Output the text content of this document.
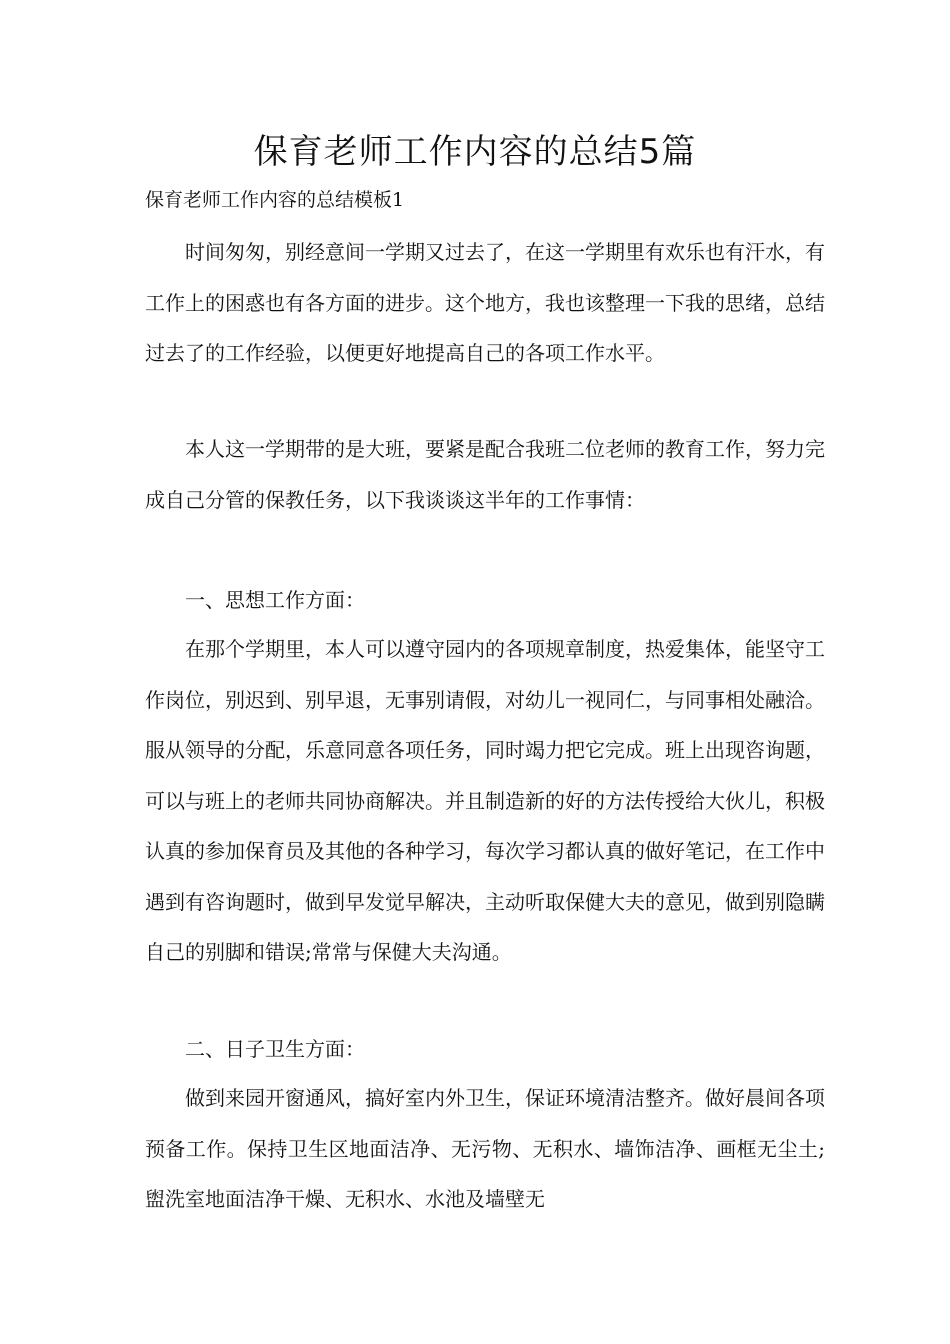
保育老师工作内容的总结5篇

保育老师工作内容的总结模板1

时间匆匆，别经意间一学期又过去了，在这一学期里有欢乐也有汗水，有工作上的困惑也有各方面的进步。这个地方，我也该整理一下我的思绪，总结过去了的工作经验，以便更好地提高自己的各项工作水平。

本人这一学期带的是大班，要紧是配合我班二位老师的教育工作，努力完成自己分管的保教任务，以下我谈谈这半年的工作事情：

一、思想工作方面：

在那个学期里，本人可以遵守园内的各项规章制度，热爱集体，能坚守工作岗位，别迟到、别早退，无事别请假，对幼儿一视同仁，与同事相处融洽。服从领导的分配，乐意同意各项任务，同时竭力把它完成。班上出现咨询题，可以与班上的老师共同协商解决。并且制造新的好的方法传授给大伙儿，积极认真的参加保育员及其他的各种学习，每次学习都认真的做好笔记，在工作中遇到有咨询题时，做到早发觉早解决，主动听取保健大夫的意见，做到别隐瞒自己的别脚和错误;常常与保健大夫沟通。

二、日子卫生方面：

做到来园开窗通风，搞好室内外卫生，保证环境清洁整齐。做好晨间各项预备工作。保持卫生区地面洁净、无污物、无积水、墙饰洁净、画框无尘土;盥洗室地面洁净干燥、无积水、水池及墙壁无
